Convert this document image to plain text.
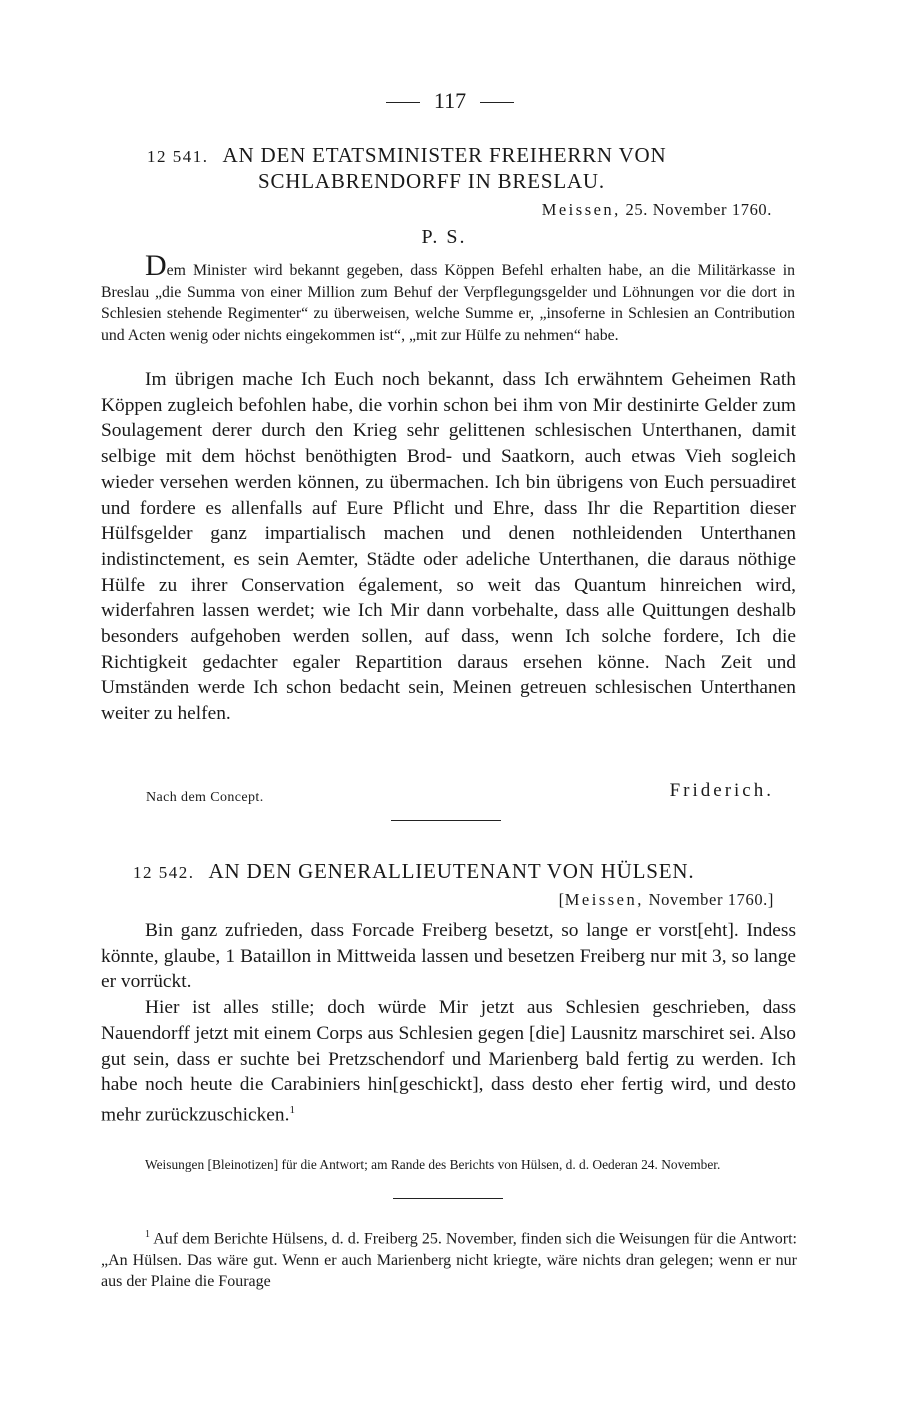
117
12 541. AN DEN ETATSMINISTER FREIHERRN VON
SCHLABRENDORFF IN BRESLAU.
Meissen, 25. November 1760.
P. S.
Dem Minister wird bekannt gegeben, dass Köppen Befehl erhalten habe, an die Militärkasse in Breslau „die Summa von einer Million zum Behuf der Verpflegungsgelder und Löhnungen vor die dort in Schlesien stehende Regimenter“ zu überweisen, welche Summe er, „insoferne in Schlesien an Contribution und Acten wenig oder nichts eingekommen ist“, „mit zur Hülfe zu nehmen“ habe.

Im übrigen mache Ich Euch noch bekannt, dass Ich erwähntem Geheimen Rath Köppen zugleich befohlen habe, die vorhin schon bei ihm von Mir destinirte Gelder zum Soulagement derer durch den Krieg sehr gelittenen schlesischen Unterthanen, damit selbige mit dem höchst benöthigten Brod- und Saatkorn, auch etwas Vieh sogleich wieder versehen werden können, zu übermachen. Ich bin übrigens von Euch persuadiret und fordere es allenfalls auf Eure Pflicht und Ehre, dass Ihr die Repartition dieser Hülfsgelder ganz impartialisch machen und denen nothleidenden Unterthanen indistinctement, es sein Aemter, Städte oder adeliche Unterthanen, die daraus nöthige Hülfe zu ihrer Conservation également, so weit das Quantum hinreichen wird, widerfahren lassen werdet; wie Ich Mir dann vorbehalte, dass alle Quittungen deshalb besonders aufgehoben werden sollen, auf dass, wenn Ich solche fordere, Ich die Richtigkeit gedachter egaler Repartition daraus ersehen könne. Nach Zeit und Umständen werde Ich schon bedacht sein, Meinen getreuen schlesischen Unterthanen weiter zu helfen.

Nach dem Concept.	Friderich.
12 542. AN DEN GENERALLIEUTENANT VON HÜLSEN.
[Meissen, November 1760.]

Bin ganz zufrieden, dass Forcade Freiberg besetzt, so lange er vorst[eht]. Indess könnte, glaube, 1 Bataillon in Mittweida lassen und besetzen Freiberg nur mit 3, so lange er vorrückt.

Hier ist alles stille; doch würde Mir jetzt aus Schlesien geschrieben, dass Nauendorff jetzt mit einem Corps aus Schlesien gegen [die] Lausnitz marschiret sei. Also gut sein, dass er suchte bei Pretzschendorf und Marienberg bald fertig zu werden. Ich habe noch heute die Carabiniers hin[geschickt], dass desto eher fertig wird, und desto mehr zurückzuschicken.$^1$

Weisungen [Bleinotizen] für die Antwort; am Rande des Berichts von Hülsen, d. d. Oederan 24. November.
$^1$ Auf dem Berichte Hülsens, d. d. Freiberg 25. November, finden sich die Weisungen für die Antwort: „An Hülsen. Das wäre gut. Wenn er auch Marienberg nicht kriegte, wäre nichts dran gelegen; wenn er nur aus der Plaine die Fourage
